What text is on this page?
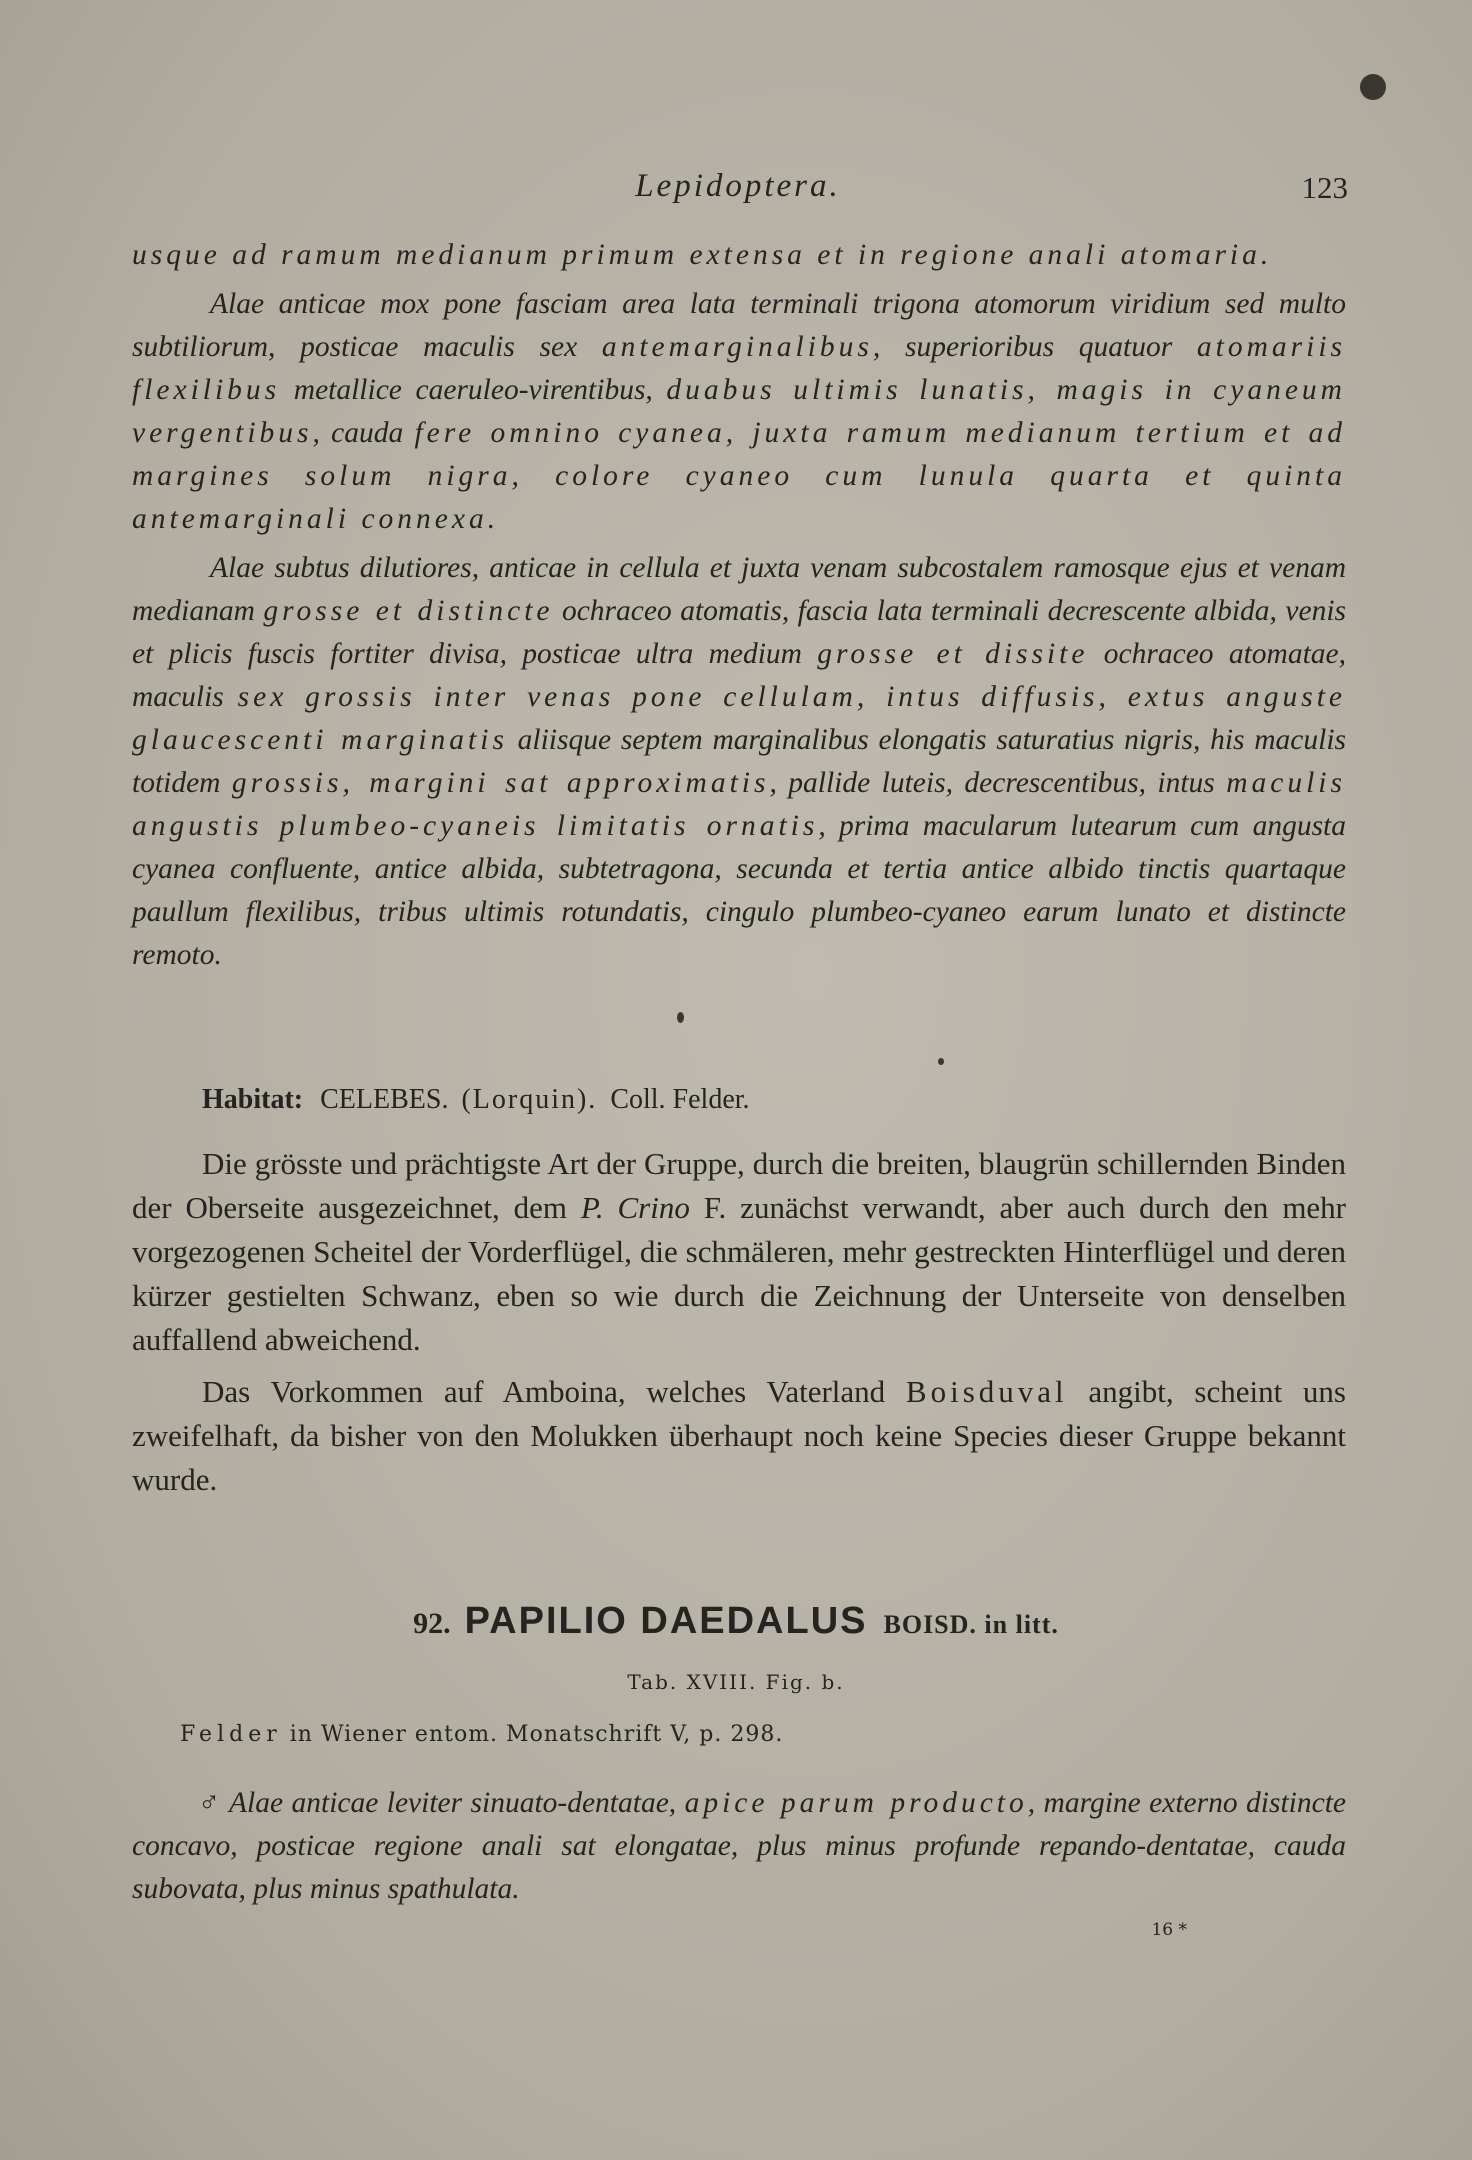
Lepidoptera.	123

usque ad ramum medianum primum extensa et in regione anali atomaria.

Alae anticae mox pone fasciam area lata terminali trigona atomorum viridium sed multo subtiliorum, posticae maculis sex antemarginalibus, superioribus quatuor atomariis flexilibus metallice caeruleo-virentibus, duabus ultimis lunatis, magis in cyaneum vergentibus, cauda fere omnino cyanea, juxta ramum medianum tertium et ad margines solum nigra, colore cyaneo cum lunula quarta et quinta antemarginali connexa.

Alae subtus dilutiores, anticae in cellula et juxta venam subcostalem ramosque ejus et venam medianam grosse et distincte ochraceo atomatis, fascia lata terminali decrescente albida, venis et plicis fuscis fortiter divisa, posticae ultra medium grosse et dissite ochraceo atomatae, maculis sex grossis inter venas pone cellulam, intus diffusis, extus anguste glaucescenti marginatis aliisque septem marginalibus elongatis saturatius nigris, his maculis totidem grossis, margini sat approximatis, pallide luteis, decrescentibus, intus maculis angustis plumbeo-cyaneis limitatis ornatis, prima macularum lutearum cum angusta cyanea confluente, antice albida, subtetragona, secunda et tertia antice albido tinctis quartaque paullum flexilibus, tribus ultimis rotundatis, cingulo plumbeo-cyaneo earum lunato et distincte remoto.

Habitat: CELEBES. (Lorquin). Coll. Felder.

Die grösste und prächtigste Art der Gruppe, durch die breiten, blaugrün schillernden Binden der Oberseite ausgezeichnet, dem P. Crino F. zunächst verwandt, aber auch durch den mehr vorgezogenen Scheitel der Vorderflügel, die schmäleren, mehr gestreckten Hinterflügel und deren kürzer gestielten Schwanz, eben so wie durch die Zeichnung der Unterseite von denselben auffallend abweichend.

Das Vorkommen auf Amboina, welches Vaterland Boisduval angibt, scheint uns zweifelhaft, da bisher von den Molukken überhaupt noch keine Species dieser Gruppe bekannt wurde.

92. PAPILIO DAEDALUS BOISD. in litt.
Tab. XVIII. Fig. b.
Felder in Wiener entom. Monatschrift V, p. 298.

♂ Alae anticae leviter sinuato-dentatae, apice parum producto, margine externo distincte concavo, posticae regione anali sat elongatae, plus minus profunde repando-dentatae, cauda subovata, plus minus spathulata.

16 *
